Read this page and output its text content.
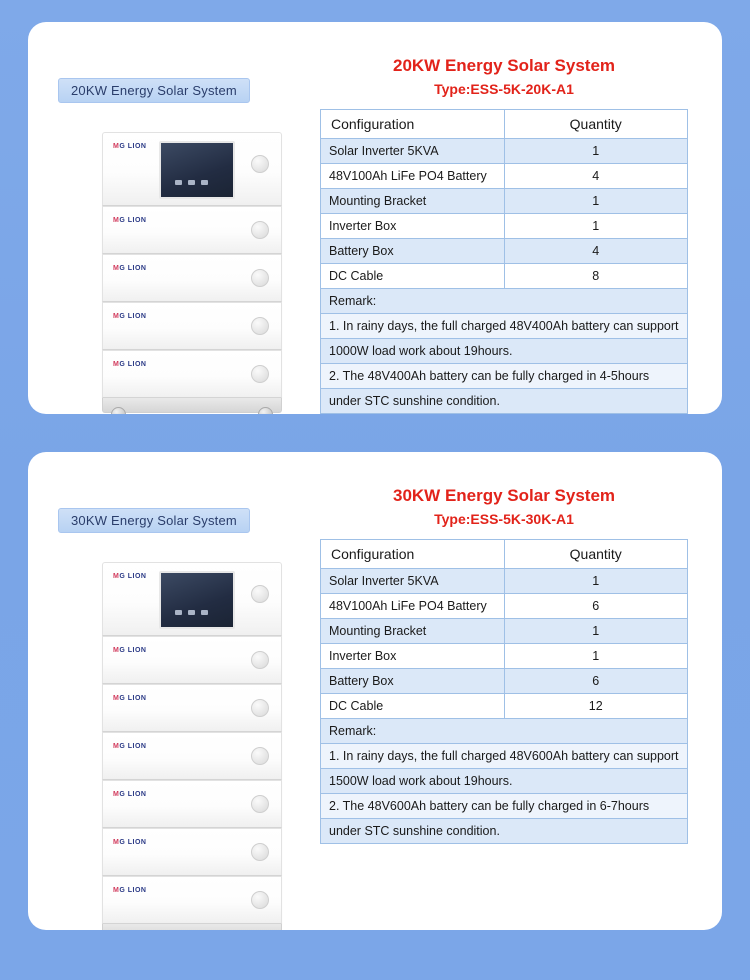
20KW Energy Solar System
MG LION
MG LION
MG LION
MG LION
MG LION
20KW Energy Solar System
Type:ESS-5K-20K-A1
Configuration	Quantity
Solar Inverter 5KVA	1
48V100Ah LiFe PO4 Battery	4
Mounting Bracket	1
Inverter Box	1
Battery Box	4
DC Cable	8
Remark:	
1. In rainy days, the full charged 48V400Ah battery can support	
1000W load work about 19hours.	
2. The 48V400Ah battery can be fully charged in 4-5hours	
under STC sunshine condition.	
30KW Energy Solar System
MG LION
MG LION
MG LION
MG LION
MG LION
MG LION
MG LION
30KW Energy Solar System
Type:ESS-5K-30K-A1
Configuration	Quantity
Solar Inverter 5KVA	1
48V100Ah LiFe PO4 Battery	6
Mounting Bracket	1
Inverter Box	1
Battery Box	6
DC Cable	12
Remark:	
1. In rainy days, the full charged 48V600Ah battery can support	
1500W load work about 19hours.	
2. The 48V600Ah battery can be fully charged in 6-7hours	
under STC sunshine condition.	
